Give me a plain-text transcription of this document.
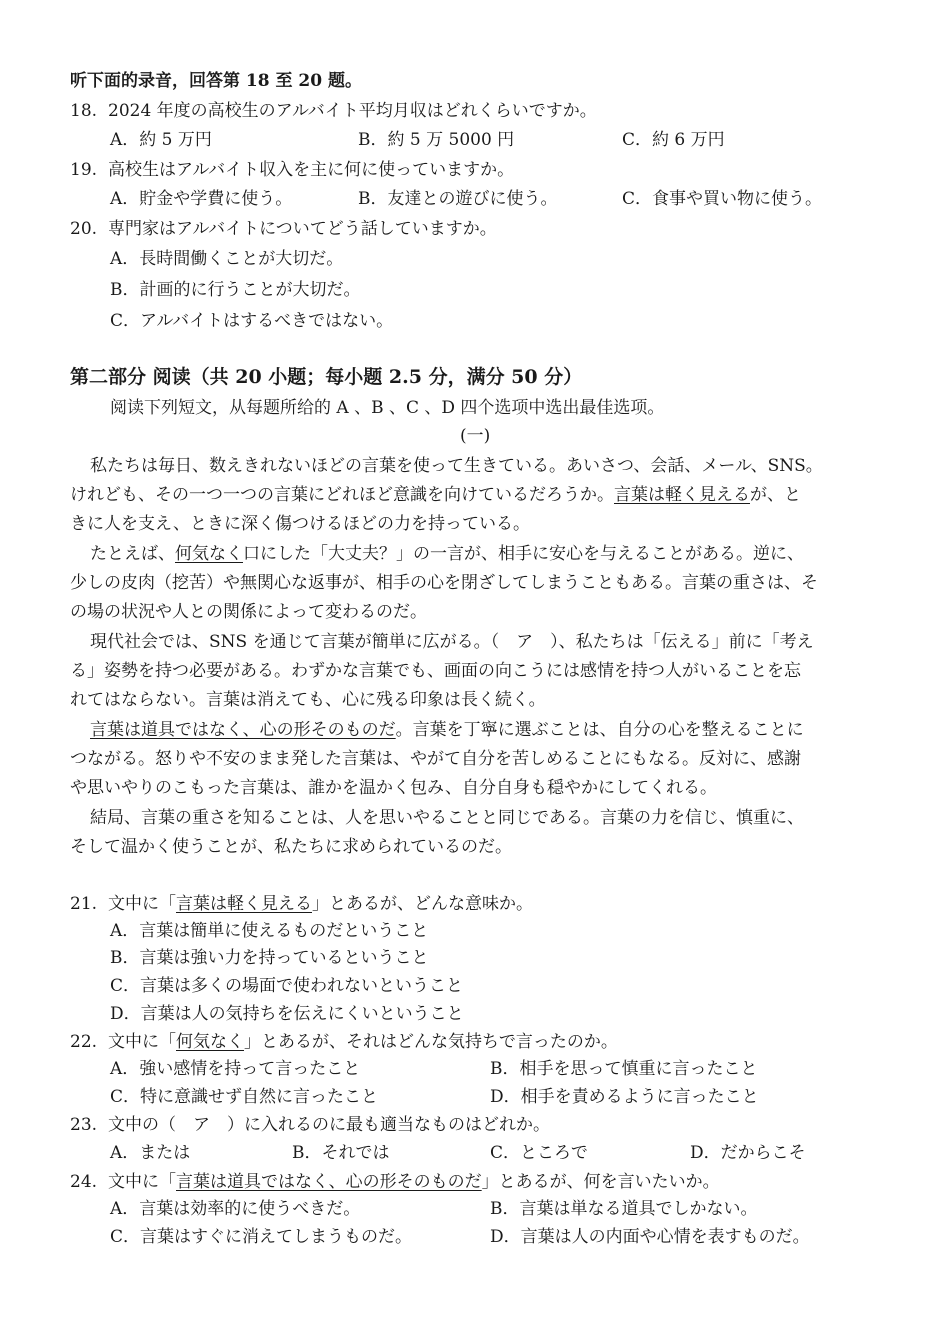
听下面的录音，回答第 18 至 20 题。
18. 2024 年度の高校生のアルバイト平均月収はどれくらいですか。
A．約 5 万円	B．約 5 万 5000 円	C．約 6 万円
19. 高校生はアルバイト収入を主に何に使っていますか。
A．貯金や学費に使う。	B．友達との遊びに使う。	C．食事や買い物に使う。
20. 専門家はアルバイトについてどう話していますか。
A．長時間働くことが大切だ。
B．計画的に行うことが大切だ。
C．アルバイトはするべきではない。
第二部分 阅读（共 20 小题；每小题 2.5 分，满分 50 分）
阅读下列短文，从每题所给的 A 、B 、C 、D 四个选项中选出最佳选项。
(一)
私たちは毎日、数えきれないほどの言葉を使って生きている。あいさつ、会話、メール、SNS。
けれども、その一つ一つの言葉にどれほど意識を向けているだろうか。言葉は軽く見えるが、と
きに人を支え、ときに深く傷つけるほどの力を持っている。
たとえば、何気なく口にした「大丈夫？」の一言が、相手に安心を与えることがある。逆に、
少しの皮肉（挖苦）や無関心な返事が、相手の心を閉ざしてしまうこともある。言葉の重さは、そ
の場の状況や人との関係によって変わるのだ。
現代社会では、SNS を通じて言葉が簡単に広がる。（　ア　）、私たちは「伝える」前に「考え
る」姿勢を持つ必要がある。わずかな言葉でも、画面の向こうには感情を持つ人がいることを忘
れてはならない。言葉は消えても、心に残る印象は長く続く。
言葉は道具ではなく、心の形そのものだ。言葉を丁寧に選ぶことは、自分の心を整えることに
つながる。怒りや不安のまま発した言葉は、やがて自分を苦しめることにもなる。反対に、感謝
や思いやりのこもった言葉は、誰かを温かく包み、自分自身も穏やかにしてくれる。
結局、言葉の重さを知ることは、人を思いやることと同じである。言葉の力を信じ、慎重に、
そして温かく使うことが、私たちに求められているのだ。
21. 文中に「言葉は軽く見える」とあるが、どんな意味か。
A．言葉は簡単に使えるものだということ
B．言葉は強い力を持っているということ
C．言葉は多くの場面で使われないということ
D．言葉は人の気持ちを伝えにくいということ
22. 文中に「何気なく」とあるが、それはどんな気持ちで言ったのか。
A．強い感情を持って言ったこと	B．相手を思って慎重に言ったこと
C．特に意識せず自然に言ったこと	D．相手を責めるように言ったこと
23. 文中の（　ア　）に入れるのに最も適当なものはどれか。
A．または	B．それでは	C．ところで	D．だからこそ
24. 文中に「言葉は道具ではなく、心の形そのものだ」とあるが、何を言いたいか。
A．言葉は効率的に使うべきだ。	B．言葉は単なる道具でしかない。
C．言葉はすぐに消えてしまうものだ。	D．言葉は人の内面や心情を表すものだ。
